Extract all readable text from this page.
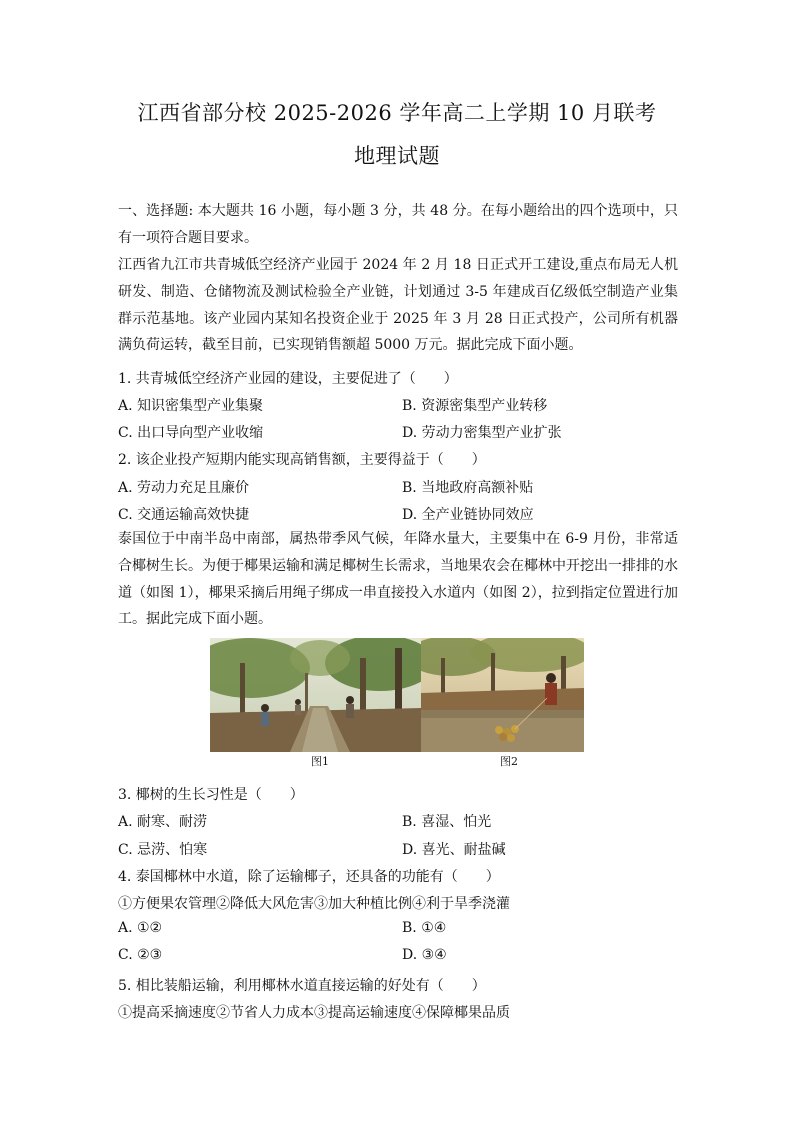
江西省部分校 2025-2026 学年高二上学期 10 月联考
地理试题
一、选择题: 本大题共 16 小题，每小题 3 分，共 48 分。在每小题给出的四个选项中，只有一项符合题目要求。
江西省九江市共青城低空经济产业园于 2024 年 2 月 18 日正式开工建设,重点布局无人机研发、制造、仓储物流及测试检验全产业链，计划通过 3-5 年建成百亿级低空制造产业集群示范基地。该产业园内某知名投资企业于 2025 年 3 月 28 日正式投产，公司所有机器满负荷运转，截至目前，已实现销售额超 5000 万元。据此完成下面小题。
1. 共青城低空经济产业园的建设，主要促进了（　　）
A. 知识密集型产业集聚	B. 资源密集型产业转移
C. 出口导向型产业收缩	D. 劳动力密集型产业扩张
2. 该企业投产短期内能实现高销售额，主要得益于（　　）
A. 劳动力充足且廉价	B. 当地政府高额补贴
C. 交通运输高效快捷	D. 全产业链协同效应
泰国位于中南半岛中南部，属热带季风气候，年降水量大，主要集中在 6-9 月份，非常适合椰树生长。为便于椰果运输和满足椰树生长需求，当地果农会在椰林中开挖出一排排的水道（如图 1），椰果采摘后用绳子绑成一串直接投入水道内（如图 2），拉到指定位置进行加工。据此完成下面小题。
图1	图2
3. 椰树的生长习性是（　　）
A. 耐寒、耐涝	B. 喜湿、怕光
C. 忌涝、怕寒	D. 喜光、耐盐碱
4. 泰国椰林中水道，除了运输椰子，还具备的功能有（　　）
①方便果农管理②降低大风危害③加大种植比例④利于旱季浇灌
A. ①②	B. ①④
C. ②③	D. ③④
5. 相比装船运输，利用椰林水道直接运输的好处有（　　）
①提高采摘速度②节省人力成本③提高运输速度④保障椰果品质
